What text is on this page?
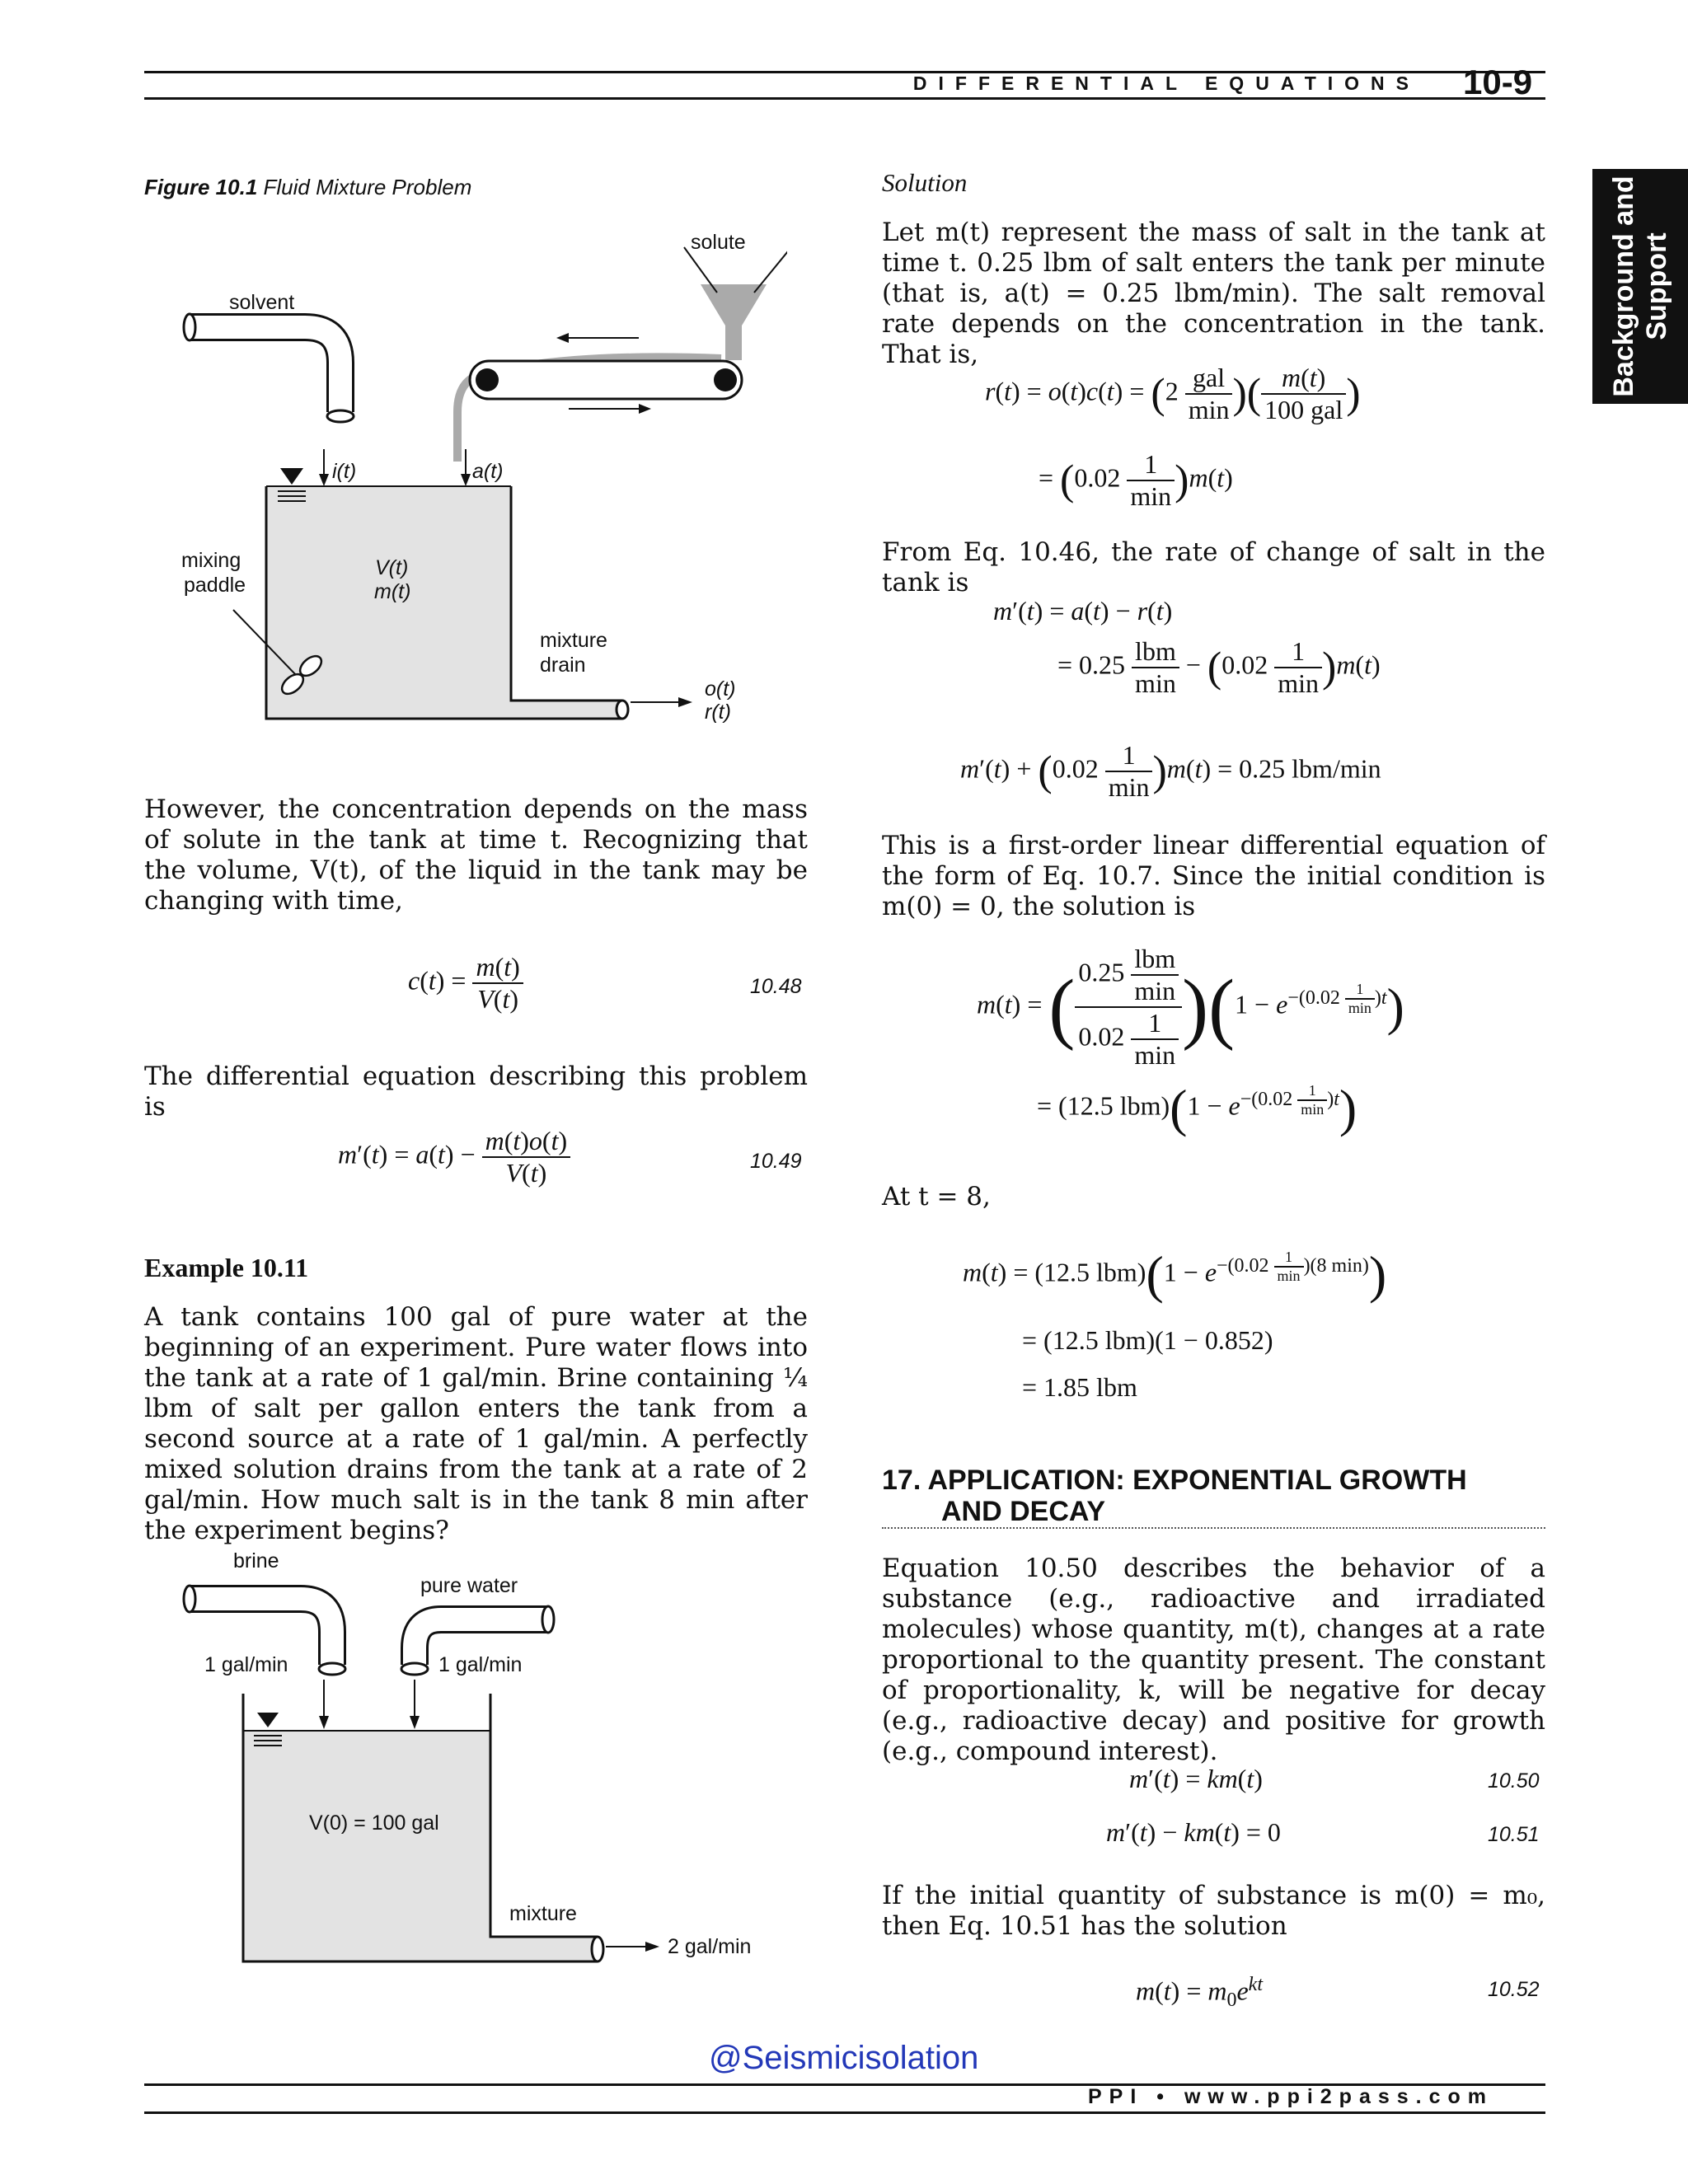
DIFFERENTIAL EQUATIONS 10-9
Background and Support
Figure 10.1 Fluid Mixture Problem
solute
solvent
i(t)	a(t)
mixing
paddle
V(t)
m(t)
mixture
drain
o(t)
r(t)
However, the concentration depends on the mass of solute in the tank at time t. Recognizing that the volume, V(t), of the liquid in the tank may be changing with time,
$c(t) = \frac{m(t)}{V(t)}$	10.48
The differential equation describing this problem is
$m'(t) = a(t) - \frac{m(t)o(t)}{V(t)}$	10.49
Example 10.11
A tank contains 100 gal of pure water at the beginning of an experiment. Pure water flows into the tank at a rate of 1 gal/min. Brine containing ¹⁄₄ lbm of salt per gallon enters the tank from a second source at a rate of 1 gal/min. A perfectly mixed solution drains from the tank at a rate of 2 gal/min. How much salt is in the tank 8 min after the experiment begins?
brine
pure water
1 gal/min	1 gal/min
V(0) = 100 gal
mixture
2 gal/min
Solution
Let m(t) represent the mass of salt in the tank at time t. 0.25 lbm of salt enters the tank per minute (that is, a(t) = 0.25 lbm/min). The salt removal rate depends on the concentration in the tank. That is,
$r(t) = o(t)c(t) = (2 \frac{\text{gal}}{\min}$ )( $\frac{m(t)}{\text{100 gal}}$ )
= $(0.02 \frac{1}{\min} )m(t)$
From Eq. 10.46, the rate of change of salt in the tank is
m′(t) = a(t) − r(t)
= $0.25 \frac{\text{lbm}}{\min} - (0.02 \frac{1}{\min} )m(t)$
$m'(t) + (0.02 \frac{1}{\min} )m(t) = 0.25$ lbm/min
This is a first-order linear differential equation of the form of Eq. 10.7. Since the initial condition is m(0) = 0, the solution is
m(t) = ( $\frac{0.25 \frac{\text{lbm}}{\min}}{0.02 \frac{1}{\min}} )(1 - e^{-(0.02 \frac{1}{\min} )t})$
= (12.5 $lbm)(1 - e^{-(0.02 \frac{1}{\min} )t})$
At t = 8,
m(t) = (12.5 $lbm)(1 - e^{-(0.02 \frac{1}{\min} )(8 min)})$
= (12.5 lbm)(1 − 0.852)
= 1.85 lbm
17. APPLICATION: EXPONENTIAL GROWTH
AND DECAY
Equation 10.50 describes the behavior of a substance (e.g., radioactive and irradiated molecules) whose quantity, m(t), changes at a rate proportional to the quantity present. The constant of proportionality, k, will be negative for decay (e.g., radioactive decay) and positive for growth (e.g., compound interest).
m′(t) = km(t)	10.50
m′(t) − km(t) = 0	10.51
If the initial quantity of substance is m(0) = m₀, then Eq. 10.51 has the solution
$m(t) = m_0e^{kt}$	10.52
@Seismicisolation
PPI • www.ppi2pass.com
